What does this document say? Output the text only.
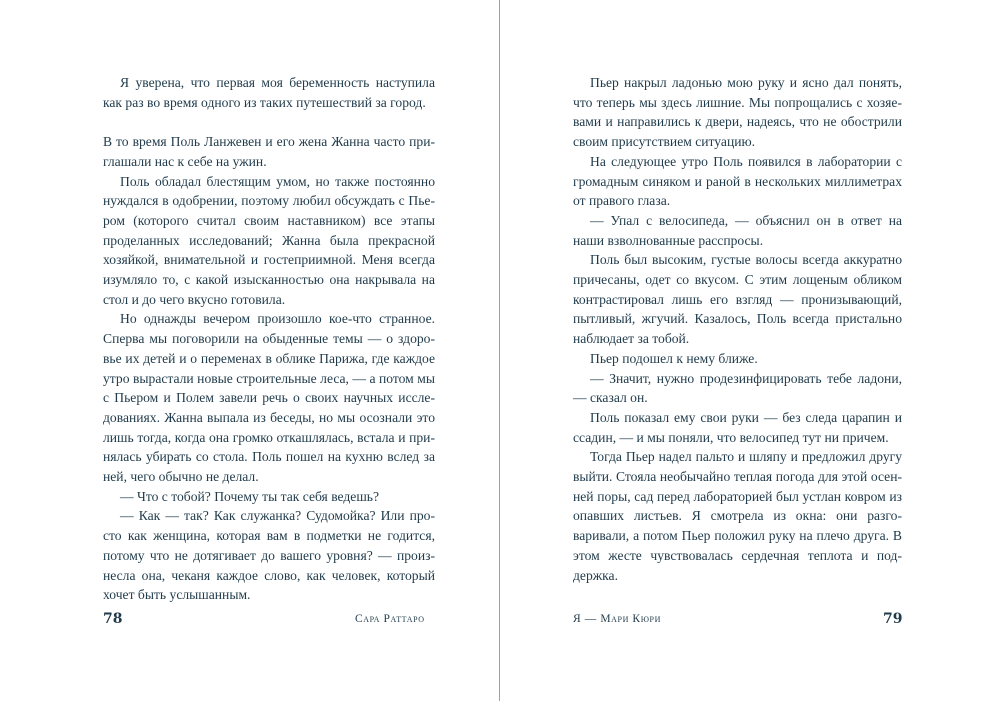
Я уверена, что первая моя беременность наступила как раз во время одного из таких путешествий за город.

В то время Поль Ланжевен и его жена Жанна часто приглашали нас к себе на ужин.

Поль обладал блестящим умом, но также постоянно нуждался в одобрении, поэтому любил обсуждать с Пьером (которого считал своим наставником) все этапы проделанных исследований; Жанна была прекрасной хозяйкой, внимательной и гостеприимной. Меня всегда изумляло то, с какой изысканностью она накрывала на стол и до чего вкусно готовила.

Но однажды вечером произошло кое-что странное. Сперва мы поговорили на обыденные темы — о здоровье их детей и о переменах в облике Парижа, где каждое утро вырастали новые строительные леса, — а потом мы с Пьером и Полем завели речь о своих научных исследованиях. Жанна выпала из беседы, но мы осознали это лишь тогда, когда она громко откашлялась, встала и принялась убирать со стола. Поль пошел на кухню вслед за ней, чего обычно не делал.

— Что с тобой? Почему ты так себя ведешь?

— Как — так? Как служанка? Судомойка? Или просто как женщина, которая вам в подметки не годится, потому что не дотягивает до вашего уровня? — произнесла она, чеканя каждое слово, как человек, который хочет быть услышанным.

78	Сара Раттаро

Пьер накрыл ладонью мою руку и ясно дал понять, что теперь мы здесь лишние. Мы попрощались с хозяевами и направились к двери, надеясь, что не обострили своим присутствием ситуацию.

На следующее утро Поль появился в лаборатории с громадным синяком и раной в нескольких миллиметрах от правого глаза.

— Упал с велосипеда, — объяснил он в ответ на наши взволнованные расспросы.

Поль был высоким, густые волосы всегда аккуратно причесаны, одет со вкусом. С этим лощеным обликом контрастировал лишь его взгляд — пронизывающий, пытливый, жгучий. Казалось, Поль всегда пристально наблюдает за тобой.

Пьер подошел к нему ближе.

— Значит, нужно продезинфицировать тебе ладони, — сказал он.

Поль показал ему свои руки — без следа царапин и ссадин, — и мы поняли, что велосипед тут ни причем.

Тогда Пьер надел пальто и шляпу и предложил другу выйти. Стояла необычайно теплая погода для этой осенней поры, сад перед лабораторией был устлан ковром из опавших листьев. Я смотрела из окна: они разговаривали, а потом Пьер положил руку на плечо друга. В этом жесте чувствовалась сердечная теплота и поддержка.

Я — Мари Кюри	79
